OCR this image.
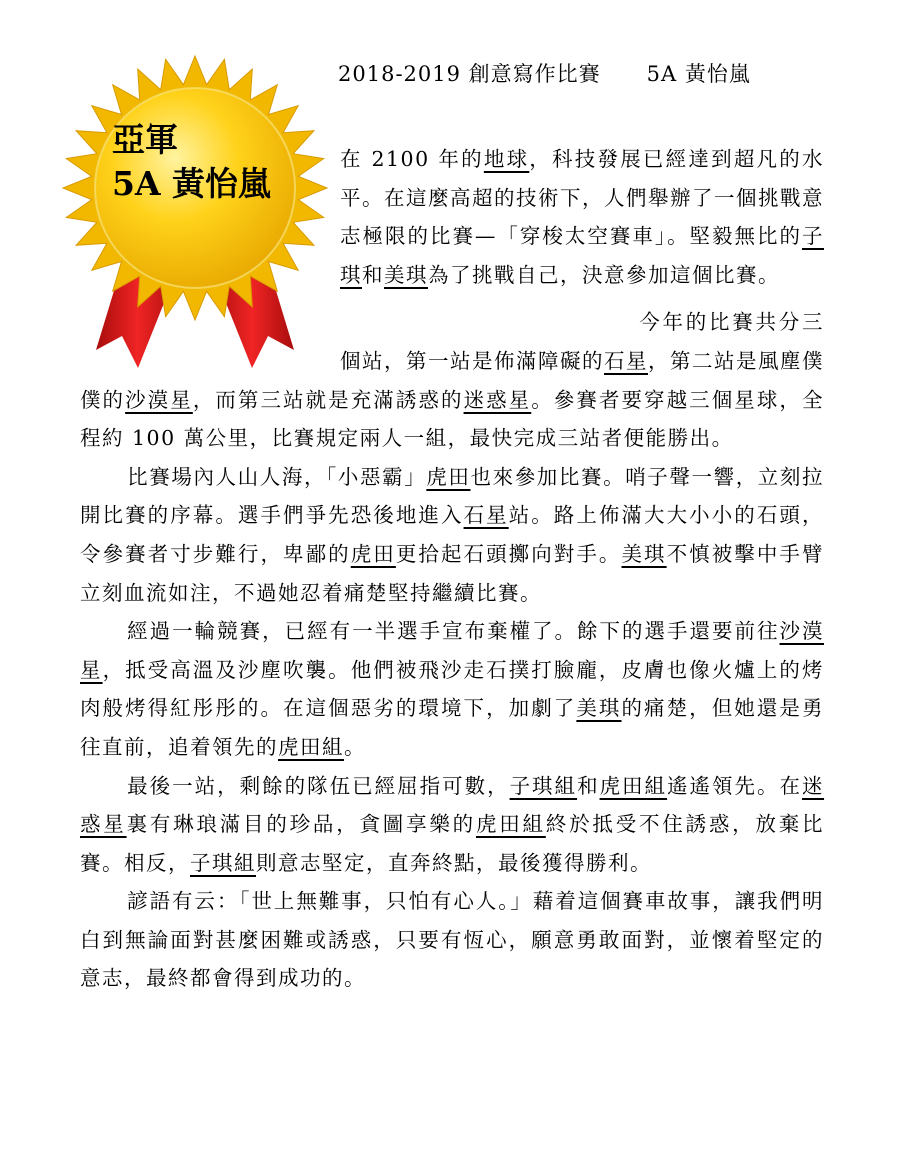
2018-2019 創意寫作比賽 5A 黃怡嵐
亞軍
5A 黃怡嵐

在 2100 年的地球，科技發展已經達到超凡的水平。在這麼高超的技術下，人們舉辦了一個挑戰意志極限的比賽—「穿梭太空賽車」。堅毅無比的子琪和美琪為了挑戰自己，決意參加這個比賽。

今年的比賽共分三個站，第一站是佈滿障礙的石星，第二站是風塵僕僕的沙漠星，而第三站就是充滿誘惑的迷惑星。參賽者要穿越三個星球，全程約 100 萬公里，比賽規定兩人一組，最快完成三站者便能勝出。

比賽場內人山人海，「小惡霸」虎田也來參加比賽。哨子聲一響，立刻拉開比賽的序幕。選手們爭先恐後地進入石星站。路上佈滿大大小小的石頭，令參賽者寸步難行，卑鄙的虎田更拾起石頭擲向對手。美琪不慎被擊中手臂立刻血流如注，不過她忍着痛楚堅持繼續比賽。

經過一輪競賽，已經有一半選手宣布棄權了。餘下的選手還要前往沙漠星，抵受高溫及沙塵吹襲。他們被飛沙走石撲打臉龐，皮膚也像火爐上的烤肉般烤得紅彤彤的。在這個惡劣的環境下，加劇了美琪的痛楚，但她還是勇往直前，追着領先的虎田組。

最後一站，剩餘的隊伍已經屈指可數，子琪組和虎田組遙遙領先。在迷惑星裏有琳琅滿目的珍品，貪圖享樂的虎田組終於抵受不住誘惑，放棄比賽。相反，子琪組則意志堅定，直奔終點，最後獲得勝利。

諺語有云：「世上無難事，只怕有心人。」藉着這個賽車故事，讓我們明白到無論面對甚麼困難或誘惑，只要有恆心，願意勇敢面對，並懷着堅定的意志，最終都會得到成功的。
